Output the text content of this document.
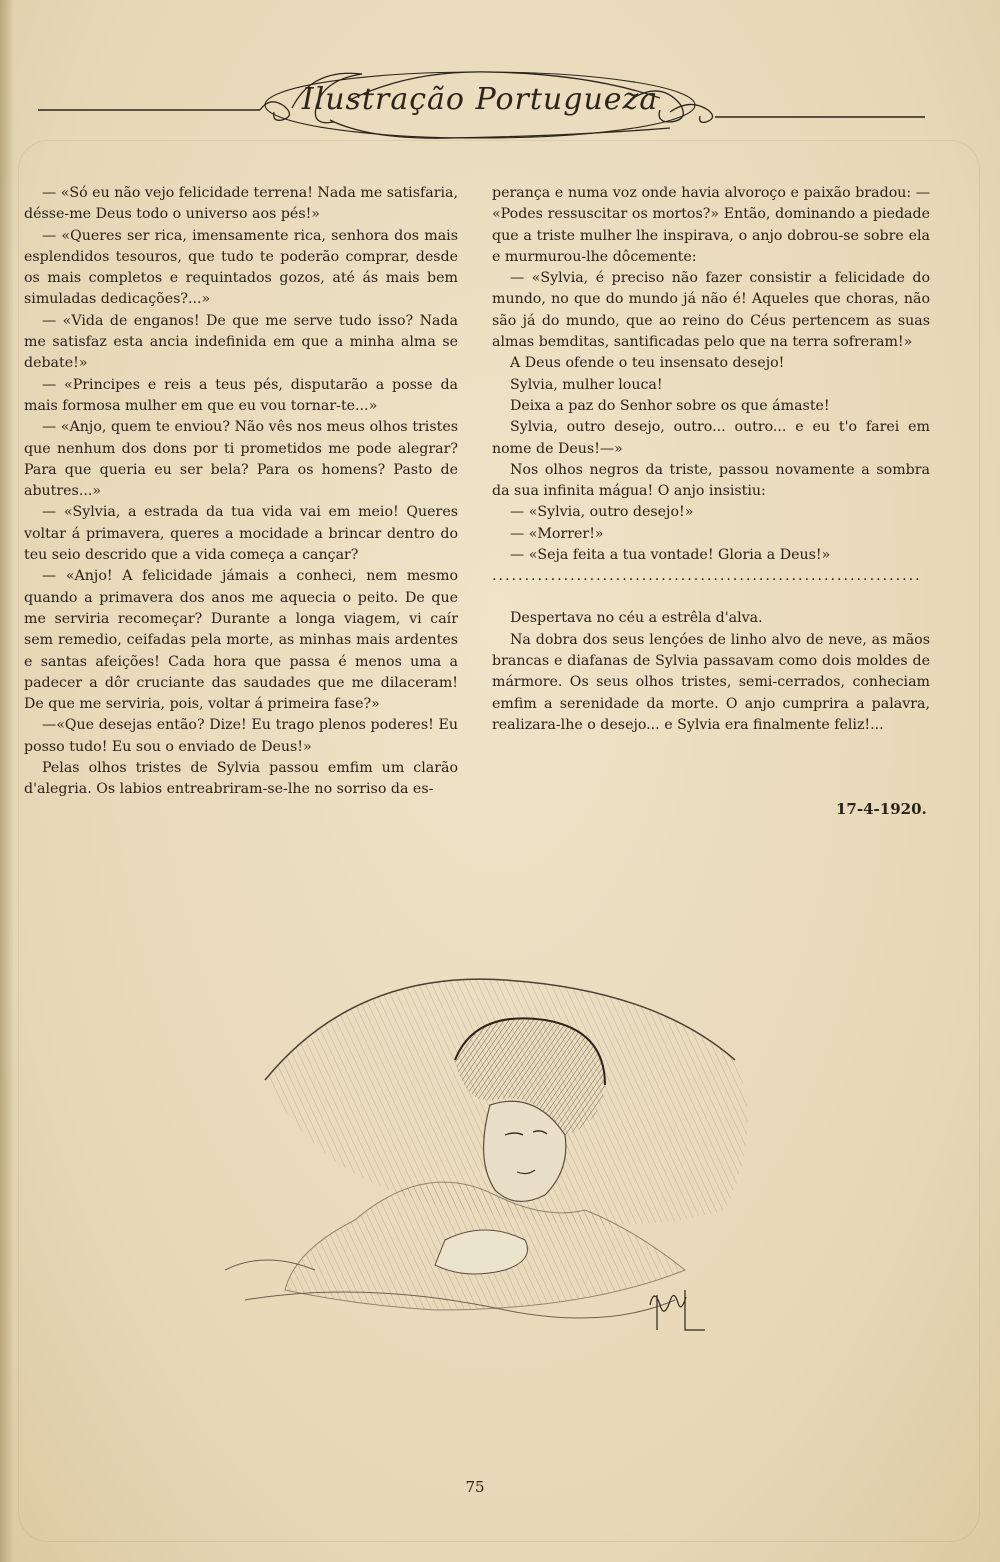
Ilustração Portugueza

— «Só eu não vejo felicidade terrena! Nada me satisfaria, désse-me Deus todo o universo aos pés!»

— «Queres ser rica, imensamente rica, senhora dos mais esplendidos tesouros, que tudo te poderão comprar, desde os mais completos e requintados gozos, até ás mais bem simuladas dedicações?...»

— «Vida de enganos! De que me serve tudo isso? Nada me satisfaz esta ancia indefinida em que a minha alma se debate!»

— «Principes e reis a teus pés, disputarão a posse da mais formosa mulher em que eu vou tornar-te...»

— «Anjo, quem te enviou? Não vês nos meus olhos tristes que nenhum dos dons por ti prometidos me pode alegrar? Para que queria eu ser bela? Para os homens? Pasto de abutres...»

— «Sylvia, a estrada da tua vida vai em meio! Queres voltar á primavera, queres a mocidade a brincar dentro do teu seio descrido que a vida começa a cançar?

— «Anjo! A felicidade jámais a conheci, nem mesmo quando a primavera dos anos me aquecia o peito. De que me serviria recomeçar? Durante a longa viagem, vi caír sem remedio, ceifadas pela morte, as minhas mais ardentes e santas afeições! Cada hora que passa é menos uma a padecer a dôr cruciante das saudades que me dilaceram! De que me serviria, pois, voltar á primeira fase?»

—«Que desejas então? Dize! Eu trago plenos poderes! Eu posso tudo! Eu sou o enviado de Deus!»

Pelas olhos tristes de Sylvia passou emfim um clarão d'alegria. Os labios entreabriram-se-lhe no sorriso da es-

perança e numa voz onde havia alvoroço e paixão bradou: — «Podes ressuscitar os mortos?» Então, dominando a piedade que a triste mulher lhe inspirava, o anjo dobrou-se sobre ela e murmurou-lhe dôcemente:

— «Sylvia, é preciso não fazer consistir a felicidade do mundo, no que do mundo já não é! Aqueles que choras, não são já do mundo, que ao reino do Céus pertencem as suas almas bemditas, santificadas pelo que na terra sofreram!»

A Deus ofende o teu insensato desejo!

Sylvia, mulher louca!

Deixa a paz do Senhor sobre os que ámaste!

Sylvia, outro desejo, outro... outro... e eu t'o farei em nome de Deus!—»

Nos olhos negros da triste, passou novamente a sombra da sua infinita mágua! O anjo insistiu:

— «Sylvia, outro desejo!»

— «Morrer!»

— «Seja feita a tua vontade! Gloria a Deus!»

..................................................................

Despertava no céu a estrêla d'alva.

Na dobra dos seus lençóes de linho alvo de neve, as mãos brancas e diafanas de Sylvia passavam como dois moldes de mármore. Os seus olhos tristes, semi-cerrados, conheciam emfim a serenidade da morte. O anjo cumprira a palavra, realizara-lhe o desejo... e Sylvia era finalmente feliz!...

17-4-1920.
75
